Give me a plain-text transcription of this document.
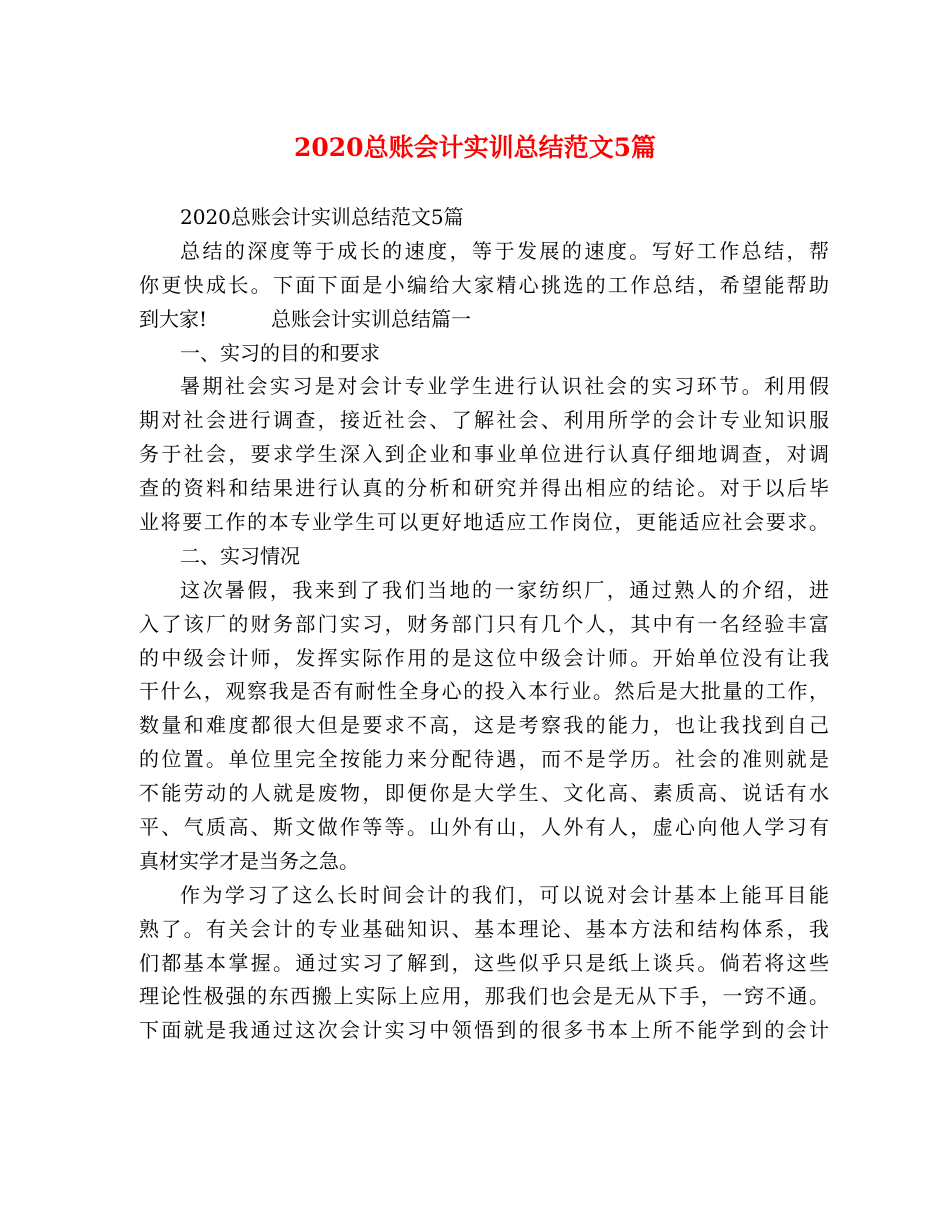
2020总账会计实训总结范文5篇
2020总账会计实训总结范文5篇
总结的深度等于成长的速度，等于发展的速度。写好工作总结，帮
你更快成长。下面下面是小编给大家精心挑选的工作总结，希望能帮助
到大家!	总账会计实训总结篇一
一、实习的目的和要求
暑期社会实习是对会计专业学生进行认识社会的实习环节。利用假
期对社会进行调查，接近社会、了解社会、利用所学的会计专业知识服
务于社会，要求学生深入到企业和事业单位进行认真仔细地调查，对调
查的资料和结果进行认真的分析和研究并得出相应的结论。对于以后毕
业将要工作的本专业学生可以更好地适应工作岗位，更能适应社会要求。
二、实习情况
这次暑假，我来到了我们当地的一家纺织厂，通过熟人的介绍，进
入了该厂的财务部门实习，财务部门只有几个人，其中有一名经验丰富
的中级会计师，发挥实际作用的是这位中级会计师。开始单位没有让我
干什么，观察我是否有耐性全身心的投入本行业。然后是大批量的工作，
数量和难度都很大但是要求不高，这是考察我的能力，也让我找到自己
的位置。单位里完全按能力来分配待遇，而不是学历。社会的准则就是
不能劳动的人就是废物，即便你是大学生、文化高、素质高、说话有水
平、气质高、斯文做作等等。山外有山，人外有人，虚心向他人学习有
真材实学才是当务之急。
作为学习了这么长时间会计的我们，可以说对会计基本上能耳目能
熟了。有关会计的专业基础知识、基本理论、基本方法和结构体系，我
们都基本掌握。通过实习了解到，这些似乎只是纸上谈兵。倘若将这些
理论性极强的东西搬上实际上应用，那我们也会是无从下手，一窍不通。
下面就是我通过这次会计实习中领悟到的很多书本上所不能学到的会计
